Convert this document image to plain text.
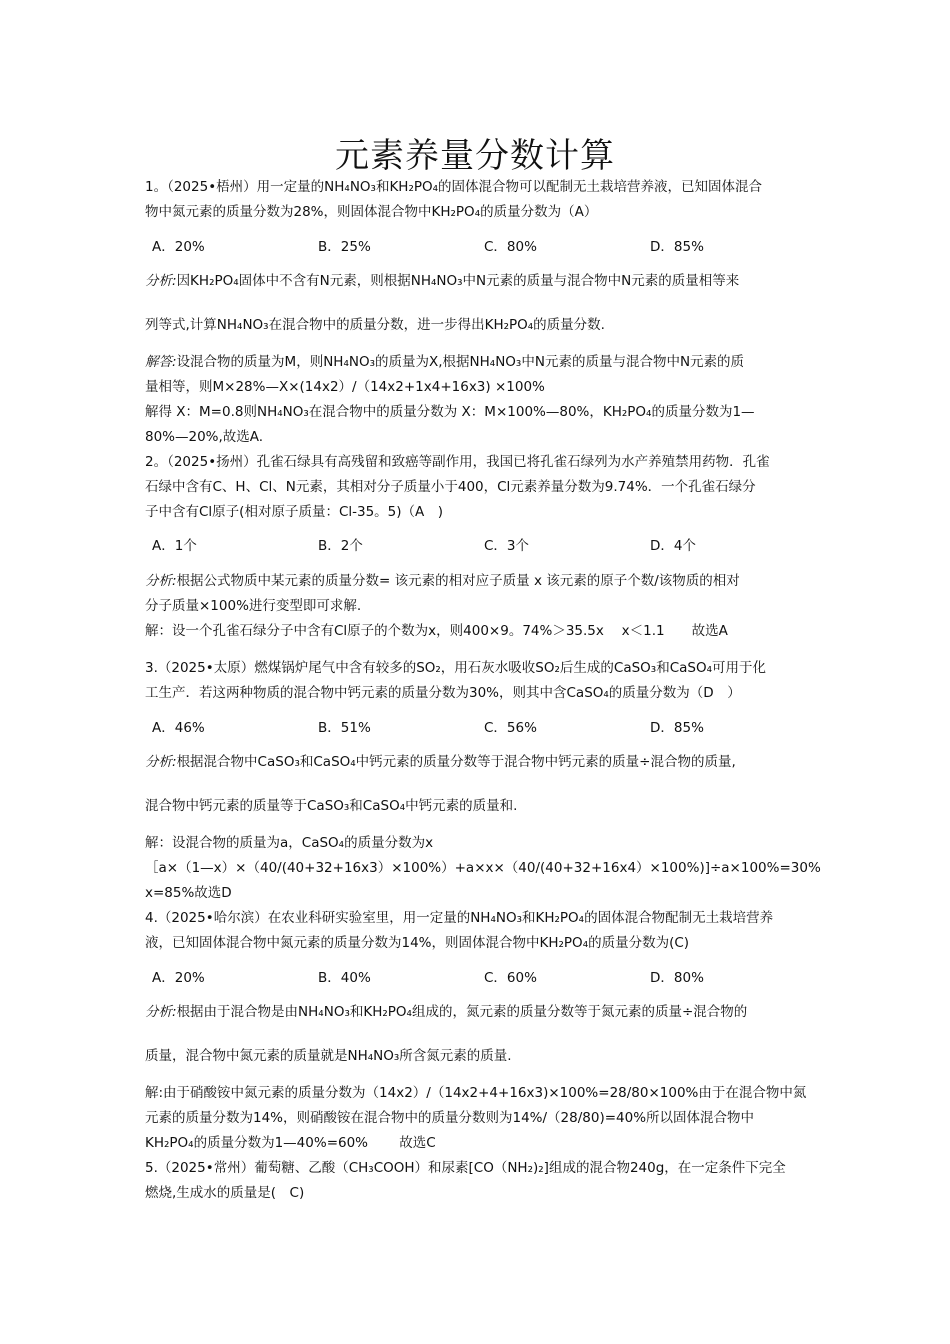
元素养量分数计算
1。（2025•梧州）用一定量的NH₄NO₃和KH₂PO₄的固体混合物可以配制无土栽培营养液，已知固体混合
物中氮元素的质量分数为28%，则固体混合物中KH₂PO₄的质量分数为（A）
分析:因KH₂PO₄固体中不含有N元素，则根据NH₄NO₃中N元素的质量与混合物中N元素的质量相等来
列等式,计算NH₄NO₃在混合物中的质量分数，进一步得出KH₂PO₄的质量分数.
解答:设混合物的质量为M，则NH₄NO₃的质量为X,根据NH₄NO₃中N元素的质量与混合物中N元素的质
量相等，则M×28%—X×(14x2）/（14x2+1x4+16x3) ×100%
解得 X：M=0.8则NH₄NO₃在混合物中的质量分数为 X：M×100%—80%，KH₂PO₄的质量分数为1—
80%—20%,故选A.
2。（2025•扬州）孔雀石绿具有高残留和致癌等副作用，我国已将孔雀石绿列为水产养殖禁用药物．孔雀
石绿中含有C、H、Cl、N元素，其相对分子质量小于400，Cl元素养量分数为9.74%．一个孔雀石绿分
子中含有Cl原子(相对原子质量：Cl-35。5)（A　)
分析:根据公式物质中某元素的质量分数= 该元素的相对应子质量 x 该元素的原子个数/该物质的相对
分子质量×100%进行变型即可求解.
解：设一个孔雀石绿分子中含有Cl原子的个数为x，则400×9。74%＞35.5x　 x＜1.1　　故选A
3.（2025•太原）燃煤锅炉尾气中含有较多的SO₂，用石灰水吸收SO₂后生成的CaSO₃和CaSO₄可用于化
工生产．若这两种物质的混合物中钙元素的质量分数为30%，则其中含CaSO₄的质量分数为（D　）
分析:根据混合物中CaSO₃和CaSO₄中钙元素的质量分数等于混合物中钙元素的质量÷混合物的质量,
混合物中钙元素的质量等于CaSO₃和CaSO₄中钙元素的质量和.
解：设混合物的质量为a，CaSO₄的质量分数为x
［a×（1—x）×（40/(40+32+16x3）×100%）+a×x×（40/(40+32+16x4）×100%)]÷a×100%=30%
x=85%故选D
4.（2025•哈尔滨）在农业科研实验室里，用一定量的NH₄NO₃和KH₂PO₄的固体混合物配制无土栽培营养
液，已知固体混合物中氮元素的质量分数为14%，则固体混合物中KH₂PO₄的质量分数为(C)
分析:根据由于混合物是由NH₄NO₃和KH₂PO₄组成的，氮元素的质量分数等于氮元素的质量÷混合物的
质量，混合物中氮元素的质量就是NH₄NO₃所含氮元素的质量.
解:由于硝酸铵中氮元素的质量分数为（14x2）/（14x2+4+16x3)×100%=28/80×100%由于在混合物中氮
元素的质量分数为14%，则硝酸铵在混合物中的质量分数则为14%/（28/80)=40%所以固体混合物中
KH₂PO₄的质量分数为1—40%=60%　　 故选C
5.（2025•常州）葡萄糖、乙酸（CH₃COOH）和尿素[CO（NH₂)₂]组成的混合物240g，在一定条件下完全
燃烧,生成水的质量是(　C)
A．20%	B．25%	C．80%	D．85%
A．1个	B．2个	C．3个	D．4个
A．46%	B．51%	C．56%	D．85%
A．20%	B．40%	C．60%	D．80%
